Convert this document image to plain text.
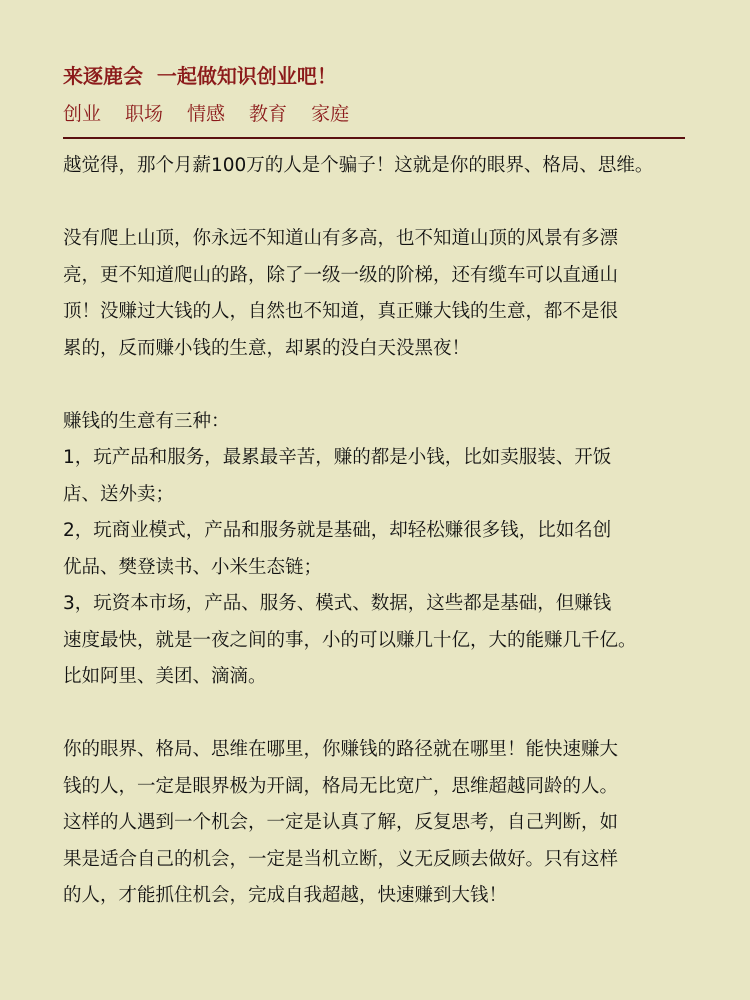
来逐鹿会  一起做知识创业吧！
创业 职场 情感 教育 家庭
越觉得，那个月薪100万的人是个骗子！这就是你的眼界、格局、思维。
没有爬上山顶，你永远不知道山有多高，也不知道山顶的风景有多漂
亮，更不知道爬山的路，除了一级一级的阶梯，还有缆车可以直通山
顶！没赚过大钱的人，自然也不知道，真正赚大钱的生意，都不是很
累的，反而赚小钱的生意，却累的没白天没黑夜！
赚钱的生意有三种：
1，玩产品和服务，最累最辛苦，赚的都是小钱，比如卖服装、开饭
店、送外卖；
2，玩商业模式，产品和服务就是基础，却轻松赚很多钱，比如名创
优品、樊登读书、小米生态链；
3，玩资本市场，产品、服务、模式、数据，这些都是基础，但赚钱
速度最快，就是一夜之间的事，小的可以赚几十亿，大的能赚几千亿。
比如阿里、美团、滴滴。
你的眼界、格局、思维在哪里，你赚钱的路径就在哪里！能快速赚大
钱的人，一定是眼界极为开阔，格局无比宽广，思维超越同龄的人。
这样的人遇到一个机会，一定是认真了解，反复思考，自己判断，如
果是适合自己的机会，一定是当机立断，义无反顾去做好。只有这样
的人，才能抓住机会，完成自我超越，快速赚到大钱！
